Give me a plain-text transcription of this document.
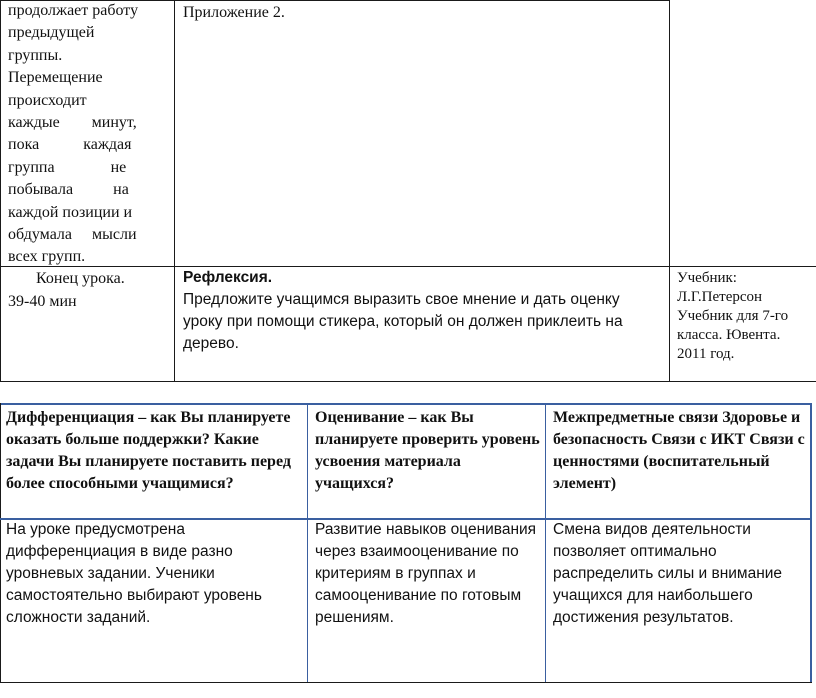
продолжает работу
предыдущей
группы.
Перемещение
происходит
каждые        минут,
пока           каждая
группа              не
побывала          на
каждой позиции и
обдумала     мысли
всех групп.
Приложение 2.
Конец урока.
39-40 мин
Рефлексия.
Предложите учащимся выразить свое мнение и дать оценку уроку при помощи стикера, который он должен приклеить на дерево.
Учебник:
Л.Г.Петерсон
Учебник для 7-го
класса. Ювента.
2011 год.
Дифференциация – как Вы планируете оказать больше поддержки? Какие задачи Вы планируете поставить перед более способными учащимися?
Оценивание – как Вы планируете проверить уровень усвоения материала учащихся?
Межпредметные связи Здоровье и безопасность Связи с ИКТ Связи с ценностями (воспитательный элемент)
На уроке предусмотрена дифференциация в виде разно уровневых задании. Ученики самостоятельно выбирают уровень сложности заданий.
Развитие навыков оценивания через взаимооценивание по критериям в группах и самооценивание по готовым решениям.
Смена видов деятельности позволяет оптимально распределить силы и внимание учащихся для наибольшего достижения результатов.
